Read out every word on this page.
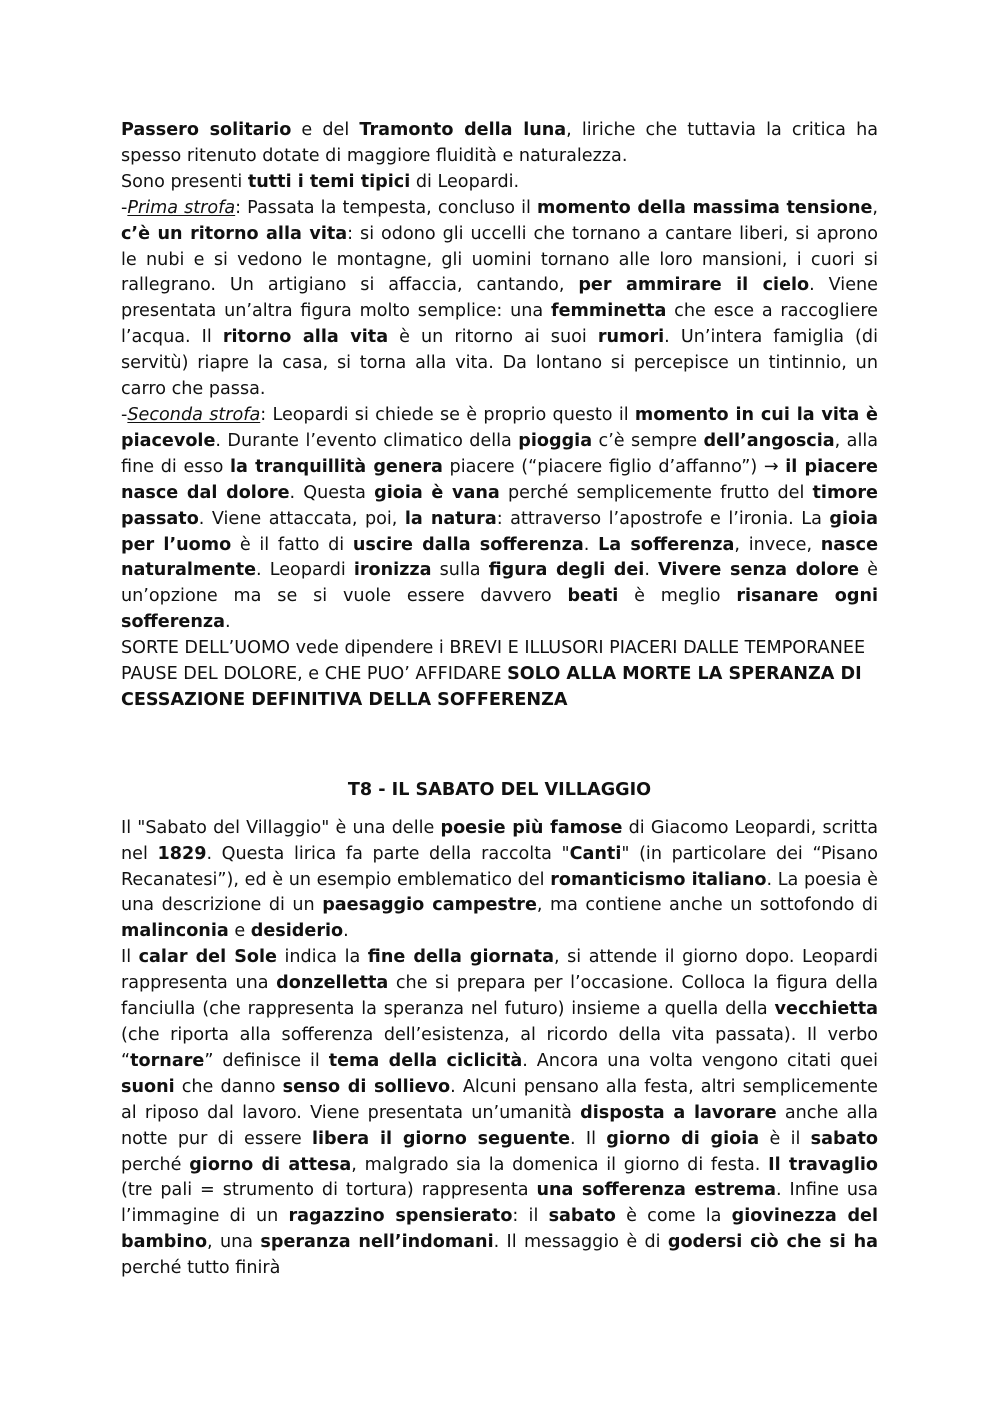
Passero solitario e del Tramonto della luna, liriche che tuttavia la critica ha spesso ritenuto dotate di maggiore fluidità e naturalezza.

Sono presenti tutti i temi tipici di Leopardi.

-Prima strofa: Passata la tempesta, concluso il momento della massima tensione, c’è un ritorno alla vita: si odono gli uccelli che tornano a cantare liberi, si aprono le nubi e si vedono le montagne, gli uomini tornano alle loro mansioni, i cuori si rallegrano. Un artigiano si affaccia, cantando, per ammirare il cielo. Viene presentata un’altra figura molto semplice: una femminetta che esce a raccogliere l’acqua. Il ritorno alla vita è un ritorno ai suoi rumori. Un’intera famiglia (di servitù) riapre la casa, si torna alla vita. Da lontano si percepisce un tintinnio, un carro che passa.

-Seconda strofa: Leopardi si chiede se è proprio questo il momento in cui la vita è piacevole. Durante l’evento climatico della pioggia c’è sempre dell’angoscia, alla fine di esso la tranquillità genera piacere (“piacere figlio d’affanno”) → il piacere nasce dal dolore. Questa gioia è vana perché semplicemente frutto del timore passato. Viene attaccata, poi, la natura: attraverso l’apostrofe e l’ironia. La gioia per l’uomo è il fatto di uscire dalla sofferenza. La sofferenza, invece, nasce naturalmente. Leopardi ironizza sulla figura degli dei. Vivere senza dolore è un’opzione ma se si vuole essere davvero beati è meglio risanare ogni sofferenza.

SORTE DELL’UOMO vede dipendere i BREVI E ILLUSORI PIACERI DALLE TEMPORANEE PAUSE DEL DOLORE, e CHE PUO’ AFFIDARE SOLO ALLA MORTE LA SPERANZA DI CESSAZIONE DEFINITIVA DELLA SOFFERENZA

T8 - IL SABATO DEL VILLAGGIO

Il "Sabato del Villaggio" è una delle poesie più famose di Giacomo Leopardi, scritta nel 1829. Questa lirica fa parte della raccolta "Canti" (in particolare dei “Pisano Recanatesi”), ed è un esempio emblematico del romanticismo italiano. La poesia è una descrizione di un paesaggio campestre, ma contiene anche un sottofondo di malinconia e desiderio.

Il calar del Sole indica la fine della giornata, si attende il giorno dopo. Leopardi rappresenta una donzelletta che si prepara per l’occasione. Colloca la figura della fanciulla (che rappresenta la speranza nel futuro) insieme a quella della vecchietta (che riporta alla sofferenza dell’esistenza, al ricordo della vita passata). Il verbo “tornare” definisce il tema della ciclicità. Ancora una volta vengono citati quei suoni che danno senso di sollievo. Alcuni pensano alla festa, altri semplicemente al riposo dal lavoro. Viene presentata un’umanità disposta a lavorare anche alla notte pur di essere libera il giorno seguente. Il giorno di gioia è il sabato perché giorno di attesa, malgrado sia la domenica il giorno di festa. Il travaglio (tre pali = strumento di tortura) rappresenta una sofferenza estrema. Infine usa l’immagine di un ragazzino spensierato: il sabato è come la giovinezza del bambino, una speranza nell’indomani. Il messaggio è di godersi ciò che si ha perché tutto finirà
